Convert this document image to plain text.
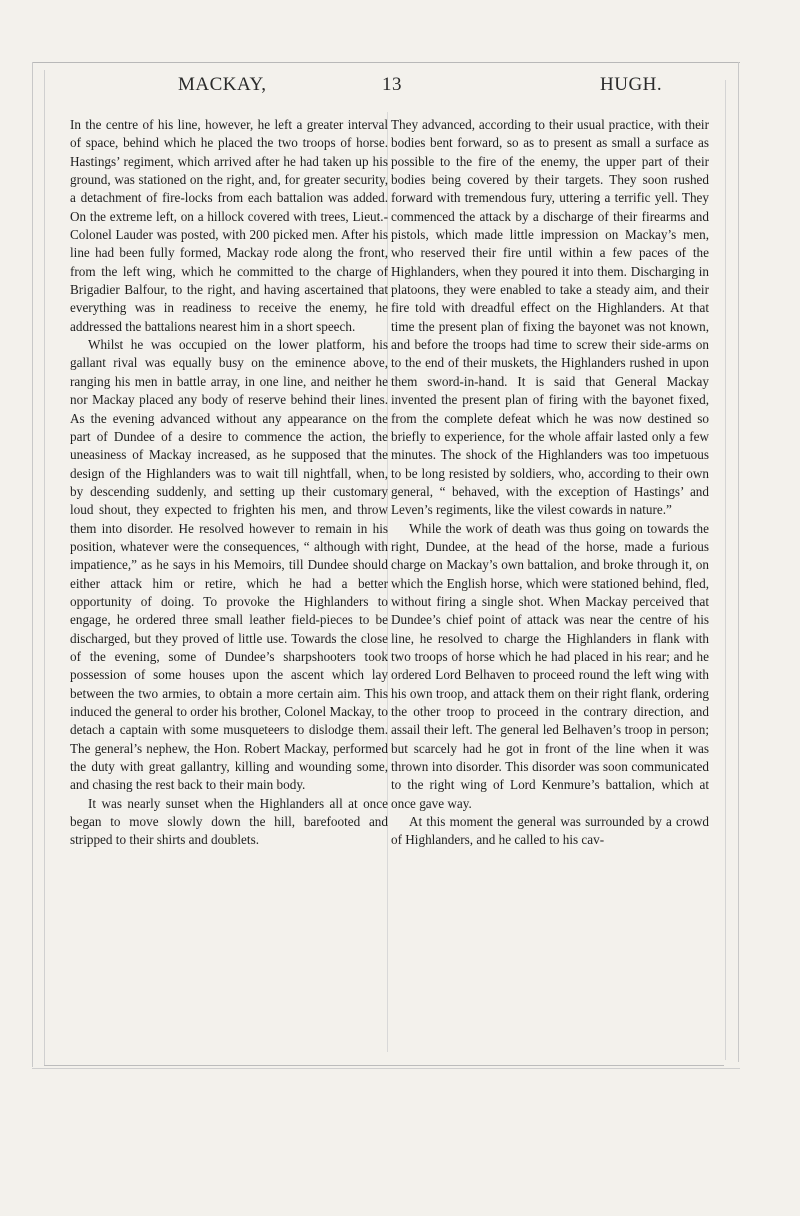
MACKAY,	13	HUGH.

In the centre of his line, however, he left a greater interval of space, behind which he placed the two troops of horse. Hastings’ regiment, which arrived after he had taken up his ground, was stationed on the right, and, for greater security, a detachment of fire-locks from each battalion was added. On the extreme left, on a hillock covered with trees, Lieut.-Colonel Lauder was posted, with 200 picked men. After his line had been fully formed, Mackay rode along the front, from the left wing, which he committed to the charge of Brigadier Balfour, to the right, and having ascertained that everything was in readiness to receive the enemy, he addressed the battalions nearest him in a short speech.

Whilst he was occupied on the lower platform, his gallant rival was equally busy on the eminence above, ranging his men in battle array, in one line, and neither he nor Mackay placed any body of reserve behind their lines. As the evening advanced without any appearance on the part of Dundee of a desire to commence the action, the uneasiness of Mackay increased, as he supposed that the design of the Highlanders was to wait till nightfall, when, by descending suddenly, and setting up their customary loud shout, they expected to frighten his men, and throw them into disorder. He resolved however to remain in his position, whatever were the consequences, “ although with impatience,” as he says in his Memoirs, till Dundee should either attack him or retire, which he had a better opportunity of doing. To provoke the Highlanders to engage, he ordered three small leather field-pieces to be discharged, but they proved of little use. Towards the close of the evening, some of Dundee’s sharpshooters took possession of some houses upon the ascent which lay between the two armies, to obtain a more certain aim. This induced the general to order his brother, Colonel Mackay, to detach a captain with some musqueteers to dislodge them. The general’s nephew, the Hon. Robert Mackay, performed the duty with great gallantry, killing and wounding some, and chasing the rest back to their main body.

It was nearly sunset when the Highlanders all at once began to move slowly down the hill, barefooted and stripped to their shirts and doublets.

They advanced, according to their usual practice, with their bodies bent forward, so as to present as small a surface as possible to the fire of the enemy, the upper part of their bodies being covered by their targets. They soon rushed forward with tremendous fury, uttering a terrific yell. They commenced the attack by a discharge of their firearms and pistols, which made little impression on Mackay’s men, who reserved their fire until within a few paces of the Highlanders, when they poured it into them. Discharging in platoons, they were enabled to take a steady aim, and their fire told with dreadful effect on the Highlanders. At that time the present plan of fixing the bayonet was not known, and before the troops had time to screw their side-arms on to the end of their muskets, the Highlanders rushed in upon them sword-in-hand. It is said that General Mackay invented the present plan of firing with the bayonet fixed, from the complete defeat which he was now destined so briefly to experience, for the whole affair lasted only a few minutes. The shock of the Highlanders was too impetuous to be long resisted by soldiers, who, according to their own general, “ behaved, with the exception of Hastings’ and Leven’s regiments, like the vilest cowards in nature.”

While the work of death was thus going on towards the right, Dundee, at the head of the horse, made a furious charge on Mackay’s own battalion, and broke through it, on which the English horse, which were stationed behind, fled, without firing a single shot. When Mackay perceived that Dundee’s chief point of attack was near the centre of his line, he resolved to charge the Highlanders in flank with two troops of horse which he had placed in his rear; and he ordered Lord Belhaven to proceed round the left wing with his own troop, and attack them on their right flank, ordering the other troop to proceed in the contrary direction, and assail their left. The general led Belhaven’s troop in person; but scarcely had he got in front of the line when it was thrown into disorder. This disorder was soon communicated to the right wing of Lord Kenmure’s battalion, which at once gave way.

At this moment the general was surrounded by a crowd of Highlanders, and he called to his cav-
